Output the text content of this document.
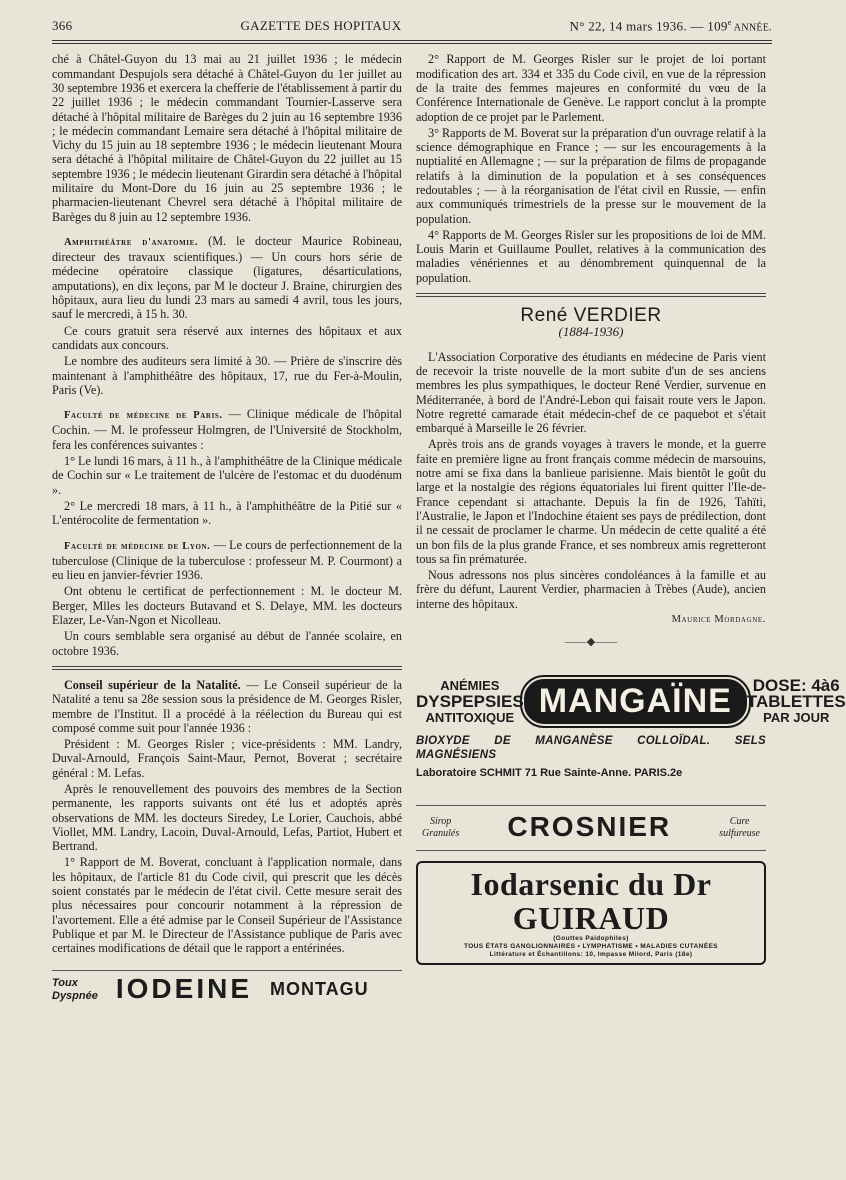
366	GAZETTE DES HOPITAUX	N° 22, 14 mars 1936. — 109e ANNÉE.

ché à Châtel-Guyon du 13 mai au 21 juillet 1936 ; le médecin commandant Despujols sera détaché à Châtel-Guyon du 1er juillet au 30 septembre 1936 et exercera la chefferie de l'établissement à partir du 22 juillet 1936 ; le médecin commandant Tournier-Lasserve sera détaché à l'hôpital militaire de Barèges du 2 juin au 16 septembre 1936 ; le médecin commandant Lemaire sera détaché à l'hôpital militaire de Vichy du 15 juin au 18 septembre 1936 ; le médecin lieutenant Moura sera détaché à l'hôpital militaire de Châtel-Guyon du 22 juillet au 15 septembre 1936 ; le médecin lieutenant Girardin sera détaché à l'hôpital militaire du Mont-Dore du 16 juin au 25 septembre 1936 ; le pharmacien-lieutenant Chevrel sera détaché à l'hôpital militaire de Barèges du 8 juin au 12 septembre 1936.

Amphithéâtre d'anatomie. (M. le docteur Maurice Robineau, directeur des travaux scientifiques.) — Un cours hors série de médecine opératoire classique (ligatures, désarticulations, amputations), en dix leçons, par M le docteur J. Braine, chirurgien des hôpitaux, aura lieu du lundi 23 mars au samedi 4 avril, tous les jours, sauf le mercredi, à 15 h. 30.

Ce cours gratuit sera réservé aux internes des hôpitaux et aux candidats aux concours.

Le nombre des auditeurs sera limité à 30. — Prière de s'inscrire dès maintenant à l'amphithéâtre des hôpitaux, 17, rue du Fer-à-Moulin, Paris (Ve).

Faculté de médecine de Paris. — Clinique médicale de l'hôpital Cochin. — M. le professeur Holmgren, de l'Université de Stockholm, fera les conférences suivantes :

1° Le lundi 16 mars, à 11 h., à l'amphithéâtre de la Clinique médicale de Cochin sur « Le traitement de l'ulcère de l'estomac et du duodénum ».

2° Le mercredi 18 mars, à 11 h., à l'amphithéâtre de la Pitié sur « L'entérocolite de fermentation ».

Faculté de médecine de Lyon. — Le cours de perfectionnement de la tuberculose (Clinique de la tuberculose : professeur M. P. Courmont) a eu lieu en janvier-février 1936.

Ont obtenu le certificat de perfectionnement : M. le docteur M. Berger, Mlles les docteurs Butavand et S. Delaye, MM. les docteurs Elazer, Le-Van-Ngon et Nicolleau.

Un cours semblable sera organisé au début de l'année scolaire, en octobre 1936.

Conseil supérieur de la Natalité. — Le Conseil supérieur de la Natalité a tenu sa 28e session sous la présidence de M. Georges Risler, membre de l'Institut. Il a procédé à la réélection du Bureau qui est composé comme suit pour l'année 1936 :

Président : M. Georges Risler ; vice-présidents : MM. Landry, Duval-Arnould, François Saint-Maur, Pernot, Boverat ; secrétaire général : M. Lefas.

Après le renouvellement des pouvoirs des membres de la Section permanente, les rapports suivants ont été lus et adoptés après observations de MM. les docteurs Siredey, Le Lorier, Cauchois, abbé Viollet, MM. Landry, Lacoin, Duval-Arnould, Lefas, Partiot, Hubert et Bertrand.

1° Rapport de M. Boverat, concluant à l'application normale, dans les hôpitaux, de l'article 81 du Code civil, qui prescrit que les décès soient constatés par le médecin de l'état civil. Cette mesure serait des plus nécessaires pour concourir notamment à la répression de l'avortement. Elle a été admise par le Conseil Supérieur de l'Assistance Publique et par M. le Directeur de l'Assistance publique de Paris avec certaines modifications de détail que le rapport a entérinées.

Toux
Dyspnée IODEINE MONTAGU

2° Rapport de M. Georges Risler sur le projet de loi portant modification des art. 334 et 335 du Code civil, en vue de la répression de la traite des femmes majeures en conformité du vœu de la Conférence Internationale de Genève. Le rapport conclut à la prompte adoption de ce projet par le Parlement.

3° Rapports de M. Boverat sur la préparation d'un ouvrage relatif à la science démographique en France ; — sur les encouragements à la nuptialité en Allemagne ; — sur la préparation de films de propagande relatifs à la diminution de la population et à ses conséquences redoutables ; — à la réorganisation de l'état civil en Russie, — enfin aux communiqués trimestriels de la presse sur le mouvement de la population.

4° Rapports de M. Georges Risler sur les propositions de loi de MM. Louis Marin et Guillaume Poullet, relatives à la communication des maladies vénériennes et au dénombrement quinquennal de la population.

René VERDIER
(1884-1936)

L'Association Corporative des étudiants en médecine de Paris vient de recevoir la triste nouvelle de la mort subite d'un de ses anciens membres les plus sympathiques, le docteur René Verdier, survenue en Méditerranée, à bord de l'André-Lebon qui faisait route vers le Japon. Notre regretté camarade était médecin-chef de ce paquebot et s'était embarqué à Marseille le 26 février.

Après trois ans de grands voyages à travers le monde, et la guerre faite en première ligne au front français comme médecin de marsouins, notre ami se fixa dans la banlieue parisienne. Mais bientôt le goût du large et la nostalgie des régions équatoriales lui firent quitter l'Ile-de-France cependant si attachante. Depuis la fin de 1926, Tahïti, l'Australie, le Japon et l'Indochine étaient ses pays de prédilection, dont il ne cessait de proclamer le charme. Un médecin de cette qualité a été un bon fils de la plus grande France, et ses nombreux amis regretteront tous sa fin prématurée.

Nous adressons nos plus sincères condoléances à la famille et au frère du défunt, Laurent Verdier, pharmacien à Trèbes (Aude), ancien interne des hôpitaux.

Maurice Mordagne.
——◆——
ANÉMIES
DYSPEPSIES
ANTITOXIQUE MANGAÏNE	DOSE: 4à6
TABLETTES
PAR JOUR
BIOXYDE DE MANGANÈSE COLLOÏDAL. SELS MAGNÉSIENS
Laboratoire SCHMIT 71 Rue Sainte-Anne. PARIS.2e
Sirop
Granulés CROSNIER	Cure
sulfureuse
Iodarsenic du Dr GUIRAUD
(Gouttes Paidophiles)
TOUS ÉTATS GANGLIONNAIRES • LYMPHATISME • MALADIES CUTANÉES
Littérature et Échantillons: 10, Impasse Milord, Paris (18e)
